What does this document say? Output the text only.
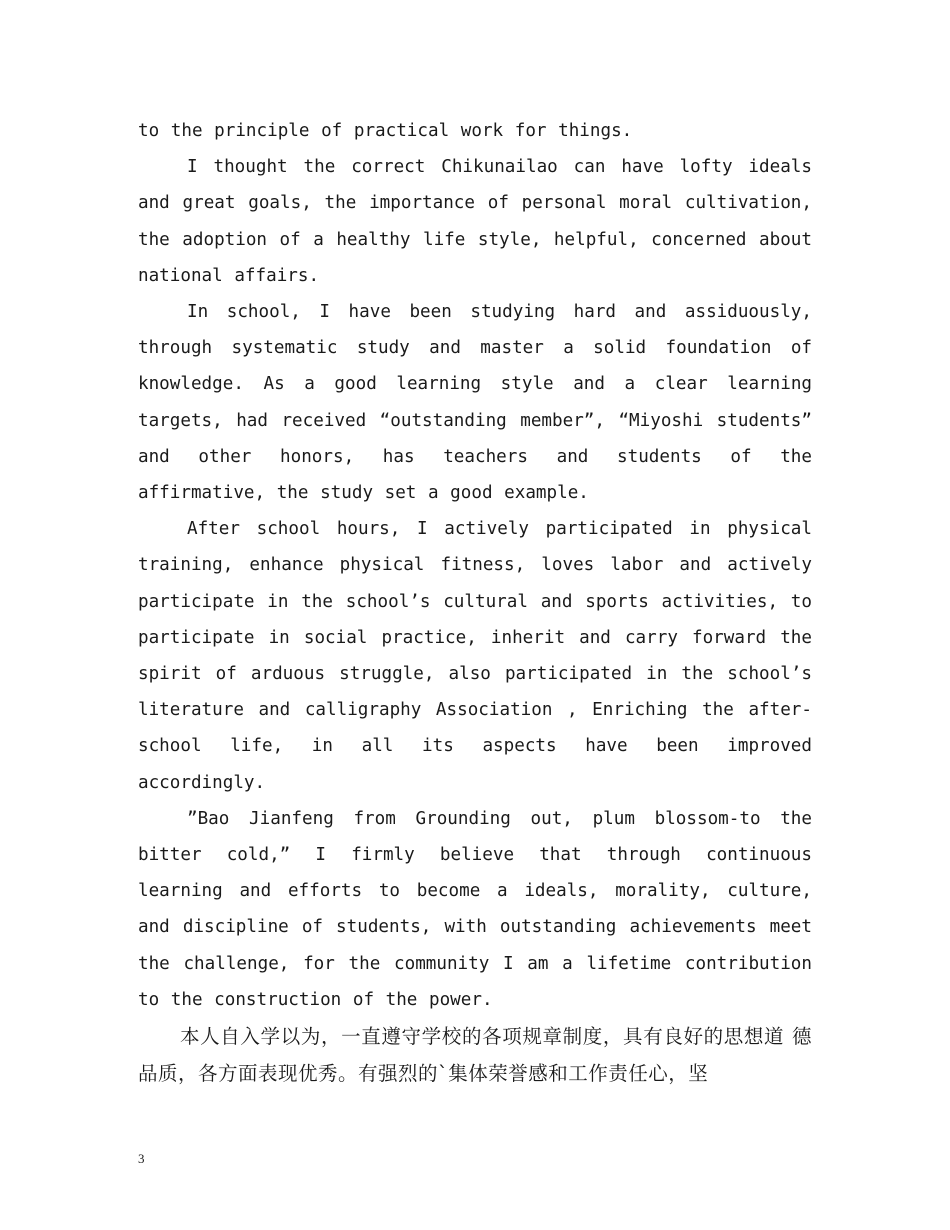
to the principle of practical work for things.

I thought the correct Chikunailao can have lofty ideals and great goals, the importance of personal moral cultivation, the adoption of a healthy life style, helpful, concerned about national affairs.

In school, I have been studying hard and assiduously, through systematic study and master a solid foundation of knowledge. As a good learning style and a clear learning targets, had received “outstanding member”, “Miyoshi students” and other honors, has teachers and students of the affirmative, the study set a good example.

After school hours, I actively participated in physical training, enhance physical fitness, loves labor and actively participate in the school’s cultural and sports activities, to participate in social practice, inherit and carry forward the spirit of arduous struggle, also participated in the school’s literature and calligraphy Association , Enriching the after-school life, in all its aspects have been improved accordingly.

”Bao Jianfeng from Grounding out, plum blossom-to the bitter cold,” I firmly believe that through continuous learning and efforts to become a ideals, morality, culture, and discipline of students, with outstanding achievements meet the challenge, for the community I am a lifetime contribution to the construction of the power.

本人自入学以为，一直遵守学校的各项规章制度，具有良好的思想道 德品质，各方面表现优秀。有强烈的`集体荣誉感和工作责任心，坚

3
